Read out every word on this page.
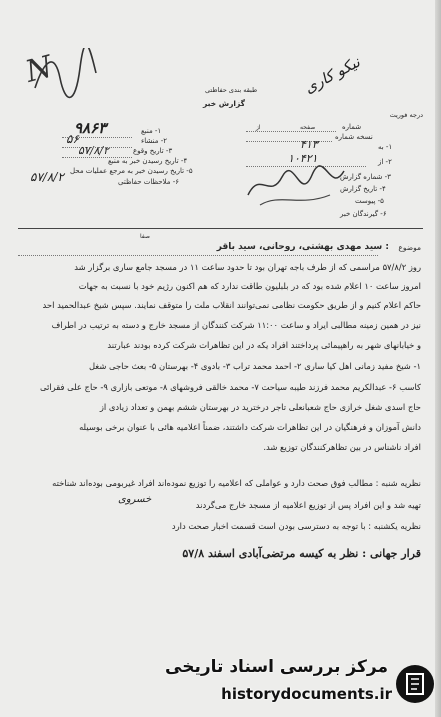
N
طبقه بندی حفاظتی
گزارش خبر
درجه فوریت
نیکو کاری
۱- منبع
۲- منشاء
۳- تاریخ وقوع
۴- تاریخ رسیدن خبر به منبع
۵- تاریخ رسیدن خبر به مرجع عملیات محل
۶- ملاحظات حفاظتی
۹۸۶۳
۵۶
۵۷/۸/۲
۵۷/۸/۲
شماره
نسخه شماره
۱- به
۲- از
۳- شماره گزارش
۴- تاریخ گزارش
۵- پیوست
۶- گیرندگان خبر
از	صفحه
۴۱۳
۱۰۴۲۱
صفا
موضوع
: سید مهدی بهشتی، روحانی، سید باقر
روز ۵۷/۸/۲ مراسمی که از طرف باجه تهران بود تا حدود ساعت ۱۱ در مسجد جامع ساری برگزار شد
امروز ساعت ۱۰ اعلام شده بود که در بلبلیون طاقت ندارد که هم اکنون رژیم خود با نسبت به جهات
حاکم اعلام کنیم و از طریق حکومت نظامی نمی‌توانند انقلاب ملت را متوقف نمایند. سپس شیخ عبدالحمید احد
نیز در همین زمینه مطالبی ایراد و ساعت ۱۱:۰۰ شرکت کنندگان از مسجد خارج و دسته به ترتیب در اطراف
و خیابانهای شهر به راهپیمائی پرداختند افراد یکه در این تظاهرات شرکت کرده بودند عبارتند
۱- شیخ مفید زمانی اهل کیا ساری ۲- احمد محمد تراب ۳- بادوی ۴- بهرستان ۵- بعث حاجی شغل
کاسب ۶- عبدالکریم محمد فرزند طیبه سیاحت ۷- محمد خالقی فروشهای ۸- موتعی بازاری ۹- حاج علی فقرائی
حاج اسدی شغل خرازی حاج شعبانعلی تاجر درخترید در بهرستان ششم بهمن و تعداد زیادی از
دانش آموزان و فرهنگیان در این تظاهرات شرکت داشتند، ضمناً اعلامیه هائی با عنوان برخی بوسیله
افراد ناشناس در بین تظاهرکنندگان توزیع شد.
نظریه شنبه : مطالب فوق صحت دارد و عواملی که اعلامیه را توزیع نموده‌اند افراد غیربومی بوده‌اند شناخته
تهیه شد و این افراد پس از توزیع اعلامیه از مسجد خارج می‌گردند
نظریه یکشنبه : با توجه به دسترسی بودن است قسمت اخبار صحت دارد
خسروی
قرار جهانی : نظر به کیسه مرتضی‌آبادی اسفند ۵۷/۸
مرکز بررسی اسناد تاریخی
historydocuments.ir
